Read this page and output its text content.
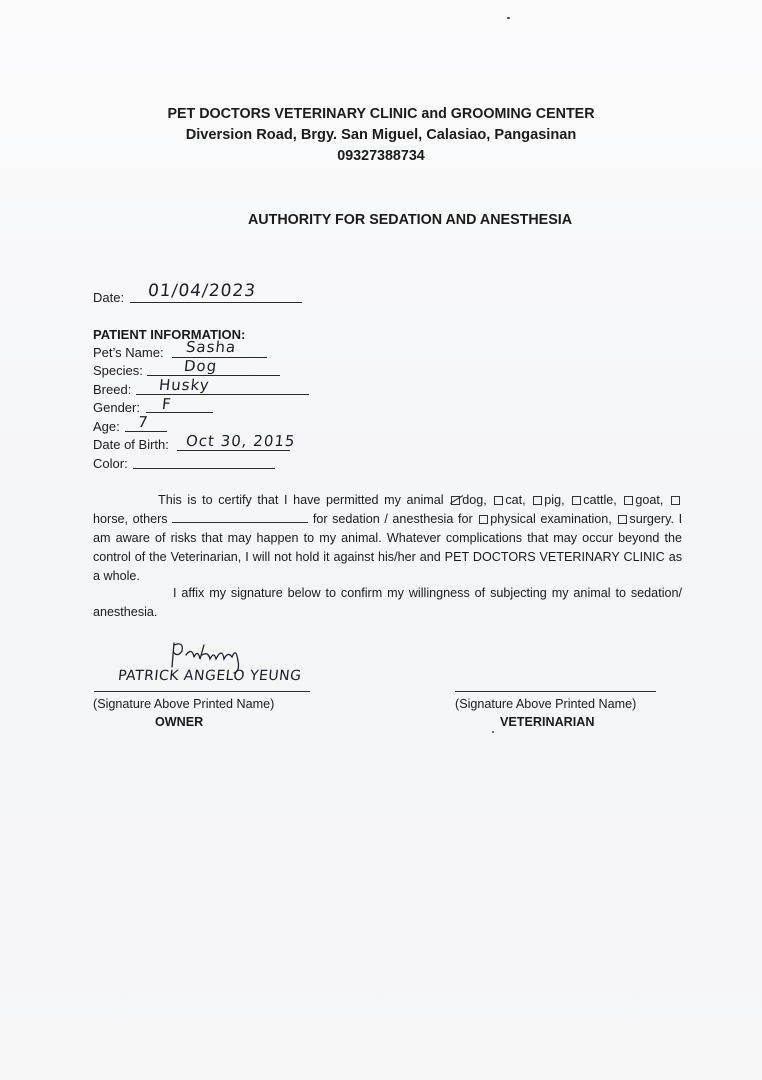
PET DOCTORS VETERINARY CLINIC and GROOMING CENTER
Diversion Road, Brgy. San Miguel, Calasiao, Pangasinan
09327388734
AUTHORITY FOR SEDATION AND ANESTHESIA
Date: 01/04/2023
PATIENT INFORMATION:
Pet’s Name: Sasha
Species:	Dog
Breed: Husky
Gender: F
Age: 7
Date of Birth: Oct 30, 2015
Color:
This is to certify that I have permitted my animal dog, cat, pig, cattle, goat, horse, others	for sedation / anesthesia for physical examination, surgery. I am aware of risks that may happen to my animal. Whatever complications that may occur beyond the control of the Veterinarian, I will not hold it against his/her and PET DOCTORS VETERINARY CLINIC as a whole.
I affix my signature below to confirm my willingness of subjecting my animal to sedation/ anesthesia.
PATRICK ANGELO YEUNG
(Signature Above Printed Name)
OWNER
(Signature Above Printed Name)
VETERINARIAN
